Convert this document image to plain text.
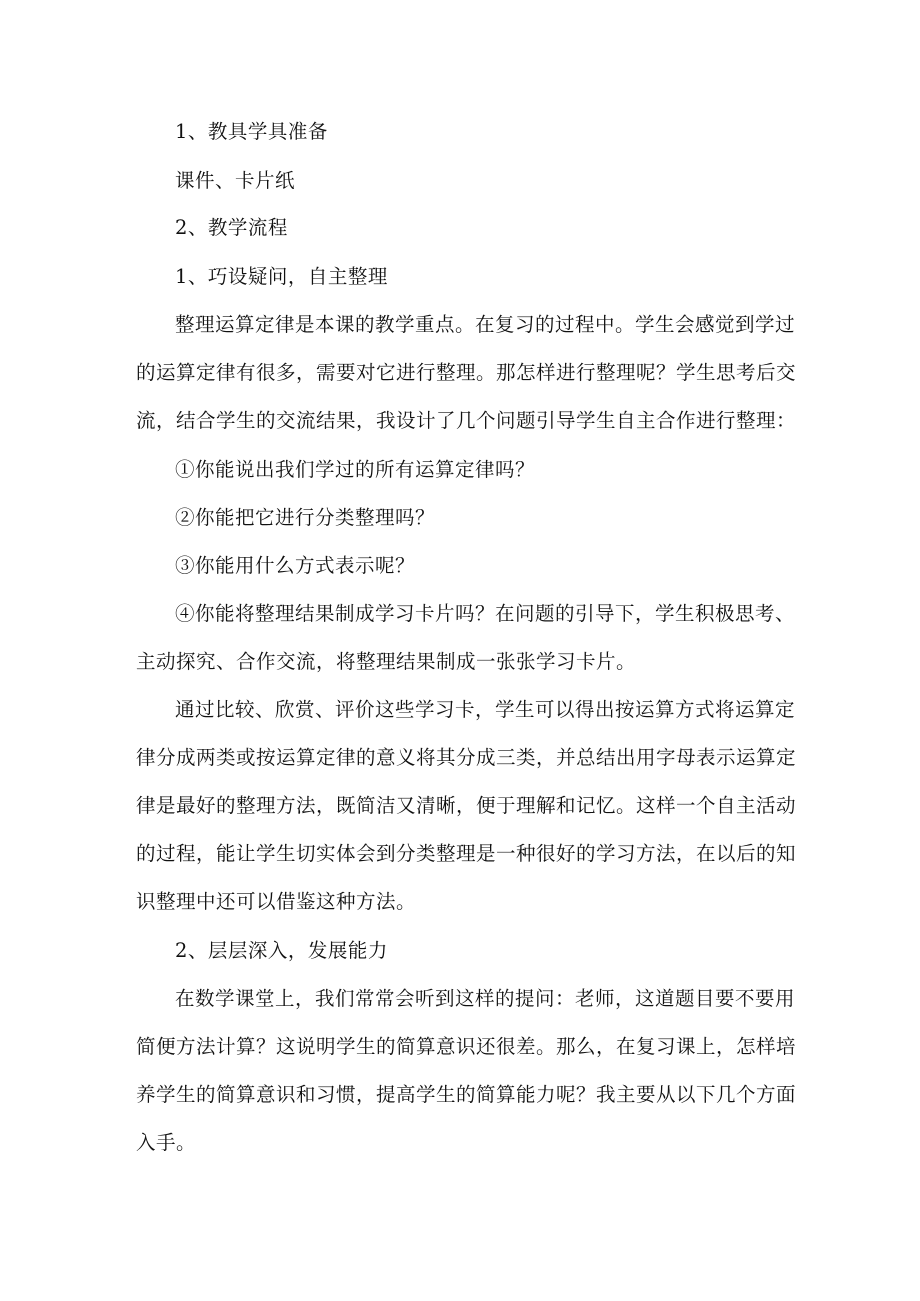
1、教具学具准备
课件、卡片纸
2、教学流程
1、巧设疑问，自主整理
整理运算定律是本课的教学重点。在复习的过程中。学生会感觉到学过
的运算定律有很多，需要对它进行整理。那怎样进行整理呢？学生思考后交
流，结合学生的交流结果，我设计了几个问题引导学生自主合作进行整理：
①你能说出我们学过的所有运算定律吗？
②你能把它进行分类整理吗？
③你能用什么方式表示呢？
④你能将整理结果制成学习卡片吗？在问题的引导下，学生积极思考、
主动探究、合作交流，将整理结果制成一张张学习卡片。
通过比较、欣赏、评价这些学习卡，学生可以得出按运算方式将运算定
律分成两类或按运算定律的意义将其分成三类，并总结出用字母表示运算定
律是最好的整理方法，既简洁又清晰，便于理解和记忆。这样一个自主活动
的过程，能让学生切实体会到分类整理是一种很好的学习方法，在以后的知
识整理中还可以借鉴这种方法。
2、层层深入，发展能力
在数学课堂上，我们常常会听到这样的提问：老师，这道题目要不要用
简便方法计算？这说明学生的简算意识还很差。那么，在复习课上，怎样培
养学生的简算意识和习惯，提高学生的简算能力呢？我主要从以下几个方面
入手。
